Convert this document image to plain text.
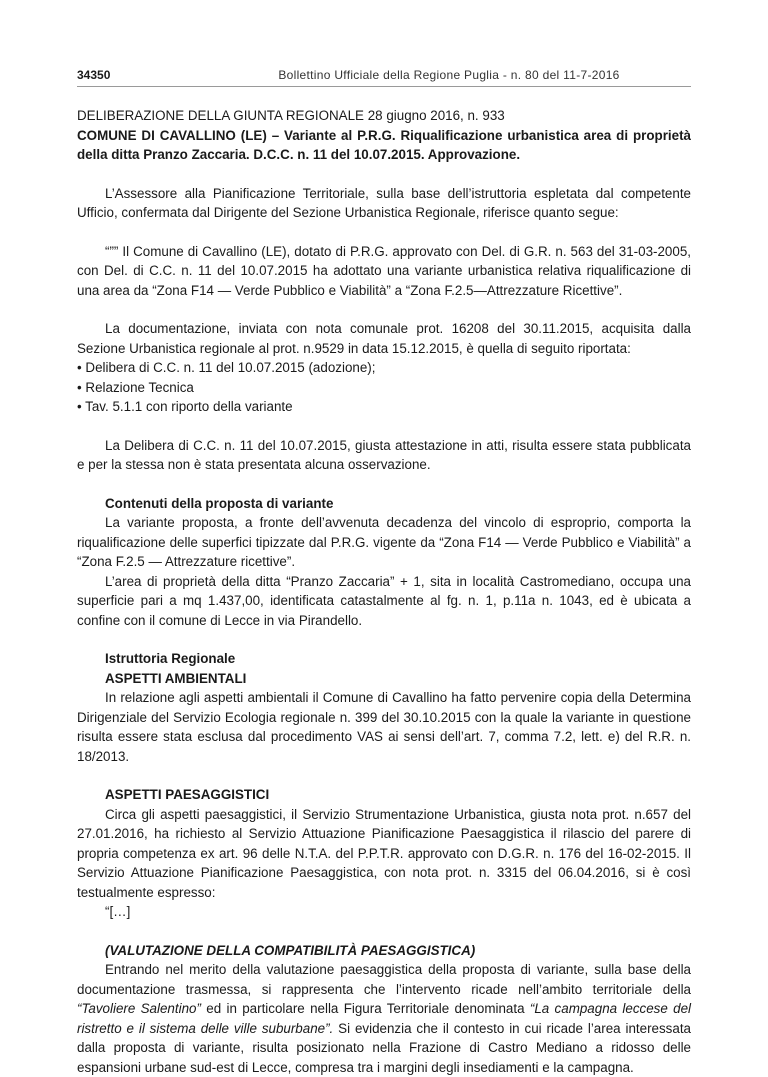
34350	Bollettino Ufficiale della Regione Puglia - n. 80 del 11-7-2016

DELIBERAZIONE DELLA GIUNTA REGIONALE 28 giugno 2016, n. 933

COMUNE DI CAVALLINO (LE) – Variante al P.R.G. Riqualificazione urbanistica area di proprietà della ditta Pranzo Zaccaria. D.C.C. n. 11 del 10.07.2015. Approvazione.

L’Assessore alla Pianificazione Territoriale, sulla base dell’istruttoria espletata dal competente Ufficio, confermata dal Dirigente del Sezione Urbanistica Regionale, riferisce quanto segue:

“”” Il Comune di Cavallino (LE), dotato di P.R.G. approvato con Del. di G.R. n. 563 del 31-03-2005, con Del. di C.C. n. 11 del 10.07.2015 ha adottato una variante urbanistica relativa riqualificazione di una area da “Zona F14 — Verde Pubblico e Viabilità” a “Zona F.2.5—Attrezzature Ricettive”.

La documentazione, inviata con nota comunale prot. 16208 del 30.11.2015, acquisita dalla Sezione Urbanistica regionale al prot. n.9529 in data 15.12.2015, è quella di seguito riportata:

• Delibera di C.C. n. 11 del 10.07.2015 (adozione);
• Relazione Tecnica
• Tav. 5.1.1 con riporto della variante

La Delibera di C.C. n. 11 del 10.07.2015, giusta attestazione in atti, risulta essere stata pubblicata e per la stessa non è stata presentata alcuna osservazione.

Contenuti della proposta di variante

La variante proposta, a fronte dell’avvenuta decadenza del vincolo di esproprio, comporta la riqualificazione delle superfici tipizzate dal P.R.G. vigente da “Zona F14 — Verde Pubblico e Viabilità” a “Zona F.2.5 — Attrezzature ricettive”.

L’area di proprietà della ditta “Pranzo Zaccaria” + 1, sita in località Castromediano, occupa una superficie pari a mq 1.437,00, identificata catastalmente al fg. n. 1, p.11a n. 1043, ed è ubicata a confine con il comune di Lecce in via Pirandello.

Istruttoria Regionale

ASPETTI AMBIENTALI

In relazione agli aspetti ambientali il Comune di Cavallino ha fatto pervenire copia della Determina Dirigenziale del Servizio Ecologia regionale n. 399 del 30.10.2015 con la quale la variante in questione risulta essere stata esclusa dal procedimento VAS ai sensi dell’art. 7, comma 7.2, lett. e) del R.R. n. 18/2013.

ASPETTI PAESAGGISTICI

Circa gli aspetti paesaggistici, il Servizio Strumentazione Urbanistica, giusta nota prot. n.657 del 27.01.2016, ha richiesto al Servizio Attuazione Pianificazione Paesaggistica il rilascio del parere di propria competenza ex art. 96 delle N.T.A. del P.P.T.R. approvato con D.G.R. n. 176 del 16-02-2015. Il Servizio Attuazione Pianificazione Paesaggistica, con nota prot. n. 3315 del 06.04.2016, si è così testualmente espresso:

“[…]

(VALUTAZIONE DELLA COMPATIBILITÀ PAESAGGISTICA)

Entrando nel merito della valutazione paesaggistica della proposta di variante, sulla base della documentazione trasmessa, si rappresenta che l’intervento ricade nell’ambito territoriale della “Tavoliere Salentino” ed in particolare nella Figura Territoriale denominata “La campagna leccese del ristretto e il sistema delle ville suburbane”. Si evidenzia che il contesto in cui ricade l’area interessata dalla proposta di variante, risulta posizionato nella Frazione di Castro Mediano a ridosso delle espansioni urbane sud-est di Lecce, compresa tra i margini degli insediamenti e la campagna.
